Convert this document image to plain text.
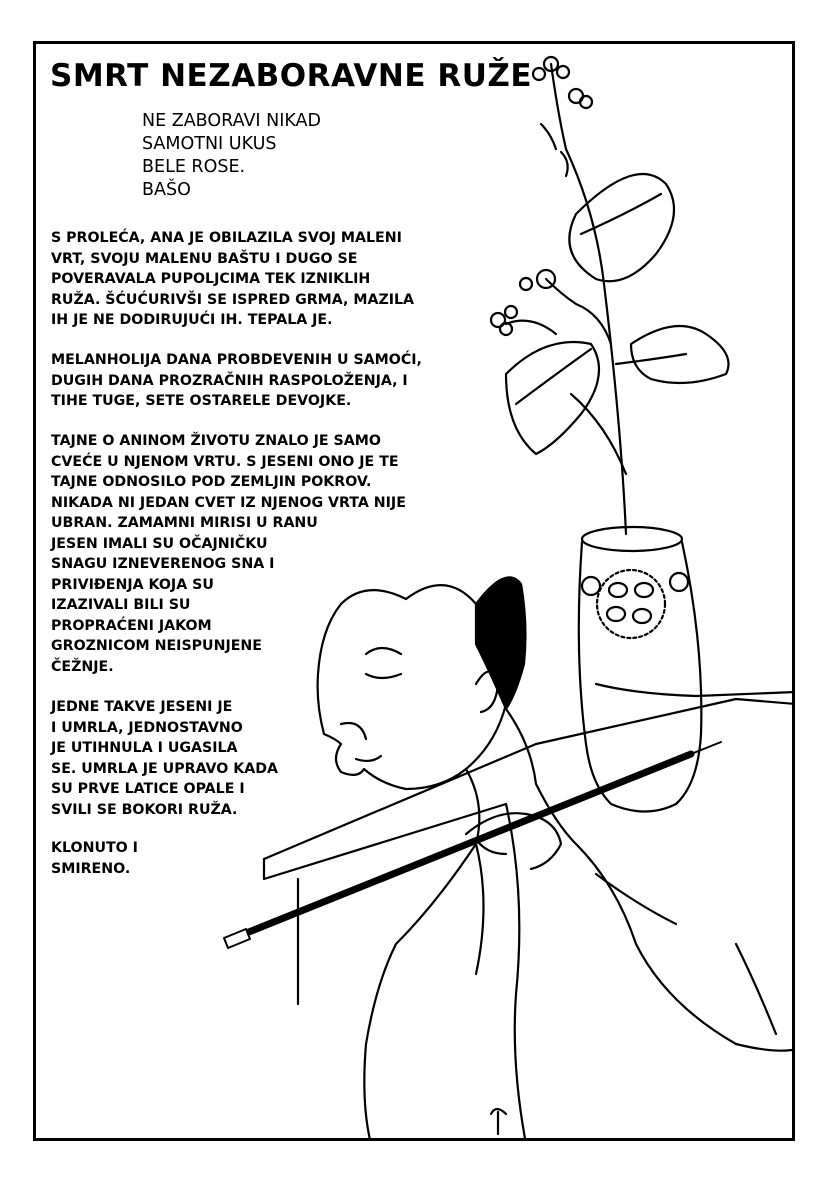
SMRT NEZABORAVNE RUŽE
NE ZABORAVI NIKAD
SAMOTNI UKUS
BELE ROSE.
BAŠO

S PROLEĆA, ANA JE OBILAZILA SVOJ MALENI
VRT, SVOJU MALENU BAŠTU I DUGO SE
POVERAVALA PUPOLJCIMA TEK IZNIKLIH
RUŽA. ŠĆUĆURIVŠI SE ISPRED GRMA, MAZILA
IH JE NE DODIRUJUĆI IH. TEPALA JE.

MELANHOLIJA DANA PROBDEVENIH U SAMOĆI,
DUGIH DANA PROZRAČNIH RASPOLOŽENJA, I
TIHE TUGE, SETE OSTARELE DEVOJKE.

TAJNE O ANINOM ŽIVOTU ZNALO JE SAMO
CVEĆE U NJENOM VRTU. S JESENI ONO JE TE
TAJNE ODNOSILO POD ZEMLJIN POKROV.
NIKADA NI JEDAN CVET IZ NJENOG VRTA NIJE
UBRAN. ZAMAMNI MIRISI U RANU
JESEN IMALI SU OČAJNIČKU
SNAGU IZNEVERENOG SNA I
PRIVIĐENJA KOJA SU
IZAZIVALI BILI SU
PROPRAĆENI JAKOM
GROZNICOM NEISPUNJENE
ČEŽNJE.

JEDNE TAKVE JESENI JE
I UMRLA, JEDNOSTAVNO
JE UTIHNULA I UGASILA
SE. UMRLA JE UPRAVO KADA
SU PRVE LATICE OPALE I
SVILI SE BOKORI RUŽA.

KLONUTO I
SMIRENO.
